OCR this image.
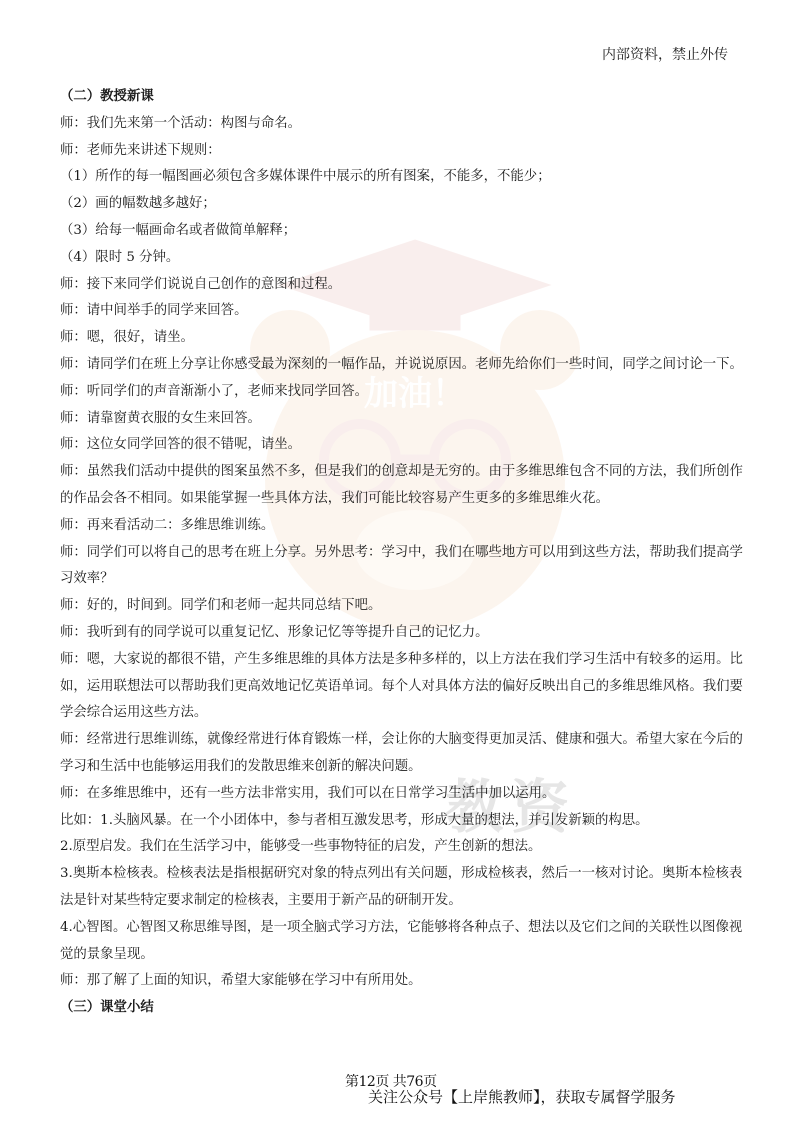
加油！
教资
内部资料，禁止外传

（二）教授新课

师：我们先来第一个活动：构图与命名。

师：老师先来讲述下规则：

（1）所作的每一幅图画必须包含多媒体课件中展示的所有图案，不能多，不能少；

（2）画的幅数越多越好；

（3）给每一幅画命名或者做简单解释；

（4）限时 5 分钟。

师：接下来同学们说说自己创作的意图和过程。

师：请中间举手的同学来回答。

师：嗯，很好，请坐。

师：请同学们在班上分享让你感受最为深刻的一幅作品，并说说原因。老师先给你们一些时间，同学之间讨论一下。

师：听同学们的声音渐渐小了，老师来找同学回答。

师：请靠窗黄衣服的女生来回答。

师：这位女同学回答的很不错呢，请坐。

师：虽然我们活动中提供的图案虽然不多，但是我们的创意却是无穷的。由于多维思维包含不同的方法，我们所创作的作品会各不相同。如果能掌握一些具体方法，我们可能比较容易产生更多的多维思维火花。

师：再来看活动二：多维思维训练。

师：同学们可以将自己的思考在班上分享。另外思考：学习中，我们在哪些地方可以用到这些方法，帮助我们提高学习效率？

师：好的，时间到。同学们和老师一起共同总结下吧。

师：我听到有的同学说可以重复记忆、形象记忆等等提升自己的记忆力。

师：嗯，大家说的都很不错，产生多维思维的具体方法是多种多样的，以上方法在我们学习生活中有较多的运用。比如，运用联想法可以帮助我们更高效地记忆英语单词。每个人对具体方法的偏好反映出自己的多维思维风格。我们要学会综合运用这些方法。

师：经常进行思维训练，就像经常进行体育锻炼一样，会让你的大脑变得更加灵活、健康和强大。希望大家在今后的学习和生活中也能够运用我们的发散思维来创新的解决问题。

师：在多维思维中，还有一些方法非常实用，我们可以在日常学习生活中加以运用。

比如：1.头脑风暴。在一个小团体中，参与者相互激发思考，形成大量的想法，并引发新颖的构思。

2.原型启发。我们在生活学习中，能够受一些事物特征的启发，产生创新的想法。

3.奥斯本检核表。检核表法是指根据研究对象的特点列出有关问题，形成检核表，然后一一核对讨论。奥斯本检核表法是针对某些特定要求制定的检核表，主要用于新产品的研制开发。

4.心智图。心智图又称思维导图，是一项全脑式学习方法，它能够将各种点子、想法以及它们之间的关联性以图像视觉的景象呈现。

师：那了解了上面的知识，希望大家能够在学习中有所用处。

（三）课堂小结

第12页 共76页
关注公众号【上岸熊教师】，获取专属督学服务
